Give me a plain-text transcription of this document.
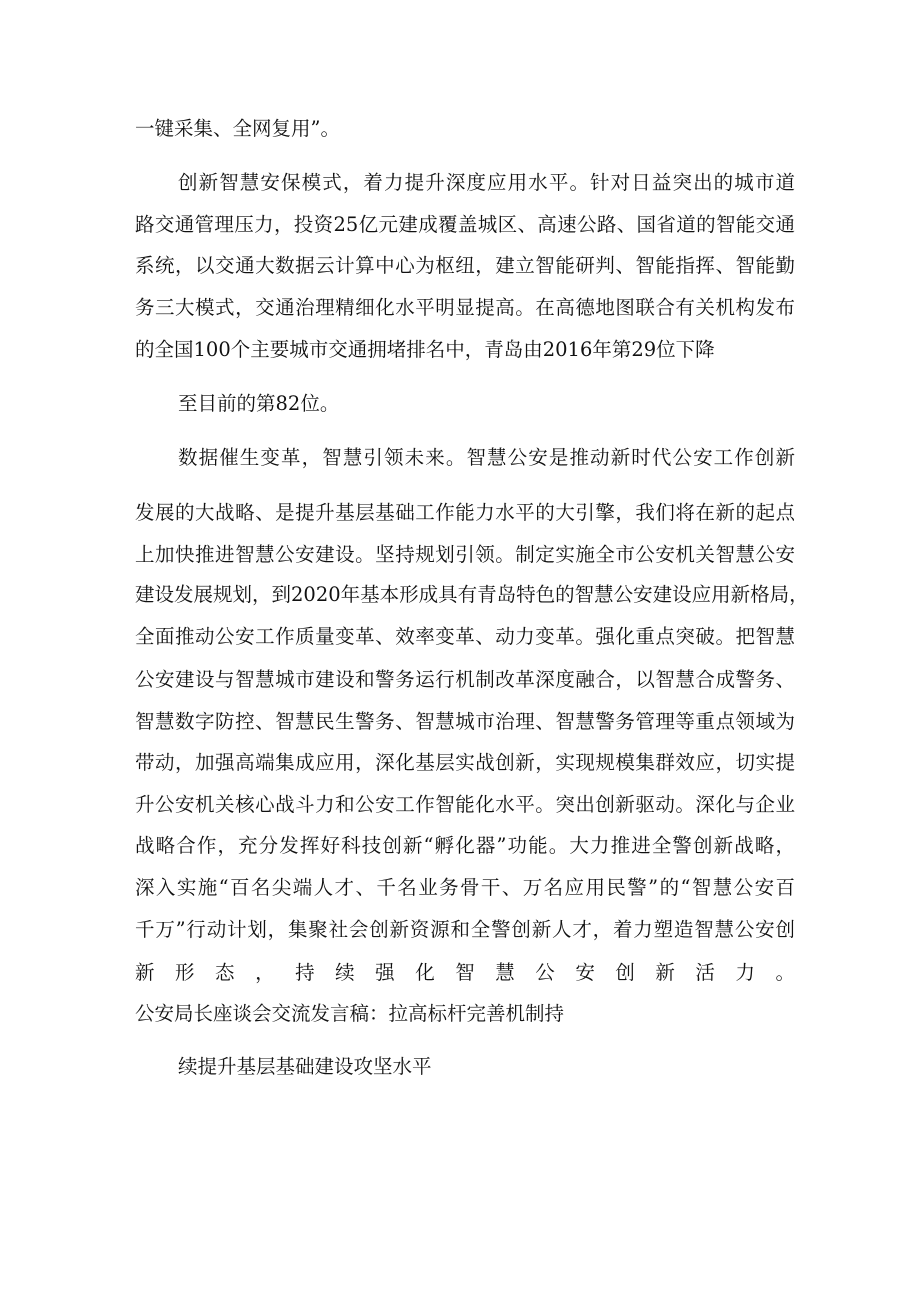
一键采集、全网复用”。
创新智慧安保模式，着力提升深度应用水平。针对日益突出的城市道
路交通管理压力，投资25亿元建成覆盖城区、高速公路、国省道的智能交通
系统，以交通大数据云计算中心为枢纽，建立智能研判、智能指挥、智能勤
务三大模式，交通治理精细化水平明显提高。在高德地图联合有关机构发布
的全国100个主要城市交通拥堵排名中，青岛由2016年第29位下降
至目前的第82位。
数据催生变革，智慧引领未来。智慧公安是推动新时代公安工作创新
发展的大战略、是提升基层基础工作能力水平的大引擎，我们将在新的起点
上加快推进智慧公安建设。坚持规划引领。制定实施全市公安机关智慧公安
建设发展规划，到2020年基本形成具有青岛特色的智慧公安建设应用新格局，
全面推动公安工作质量变革、效率变革、动力变革。强化重点突破。把智慧
公安建设与智慧城市建设和警务运行机制改革深度融合，以智慧合成警务、
智慧数字防控、智慧民生警务、智慧城市治理、智慧警务管理等重点领域为
带动，加强高端集成应用，深化基层实战创新，实现规模集群效应，切实提
升公安机关核心战斗力和公安工作智能化水平。突出创新驱动。深化与企业
战略合作，充分发挥好科技创新“孵化器”功能。大力推进全警创新战略，
深入实施“百名尖端人才、千名业务骨干、万名应用民警”的“智慧公安百
千万”行动计划，集聚社会创新资源和全警创新人才，着力塑造智慧公安创
新形态，持续强化智慧公安创新活力。
公安局长座谈会交流发言稿：拉高标杆完善机制持
续提升基层基础建设攻坚水平
